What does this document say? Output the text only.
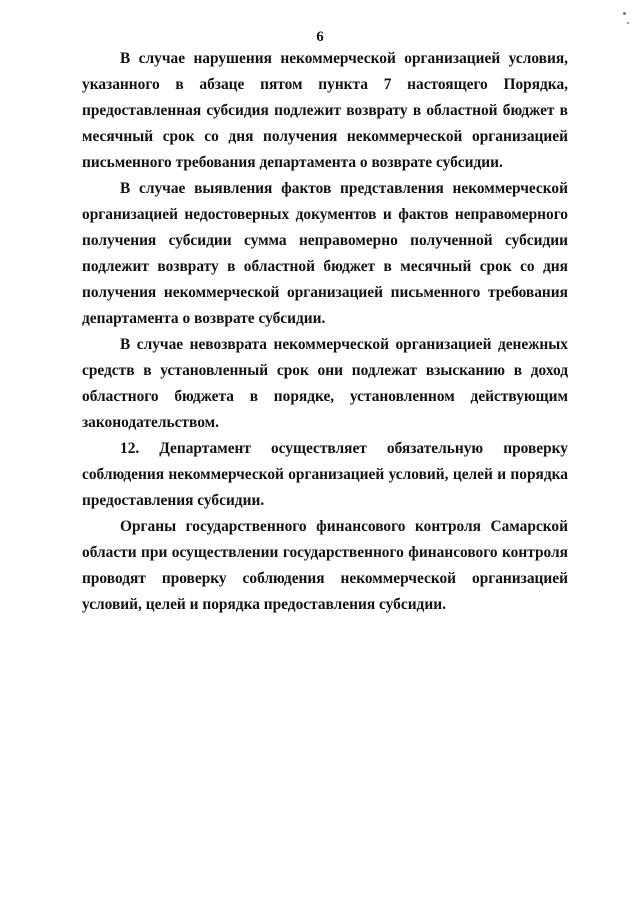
6

В случае нарушения некоммерческой организацией условия, указанного в абзаце пятом пункта 7 настоящего Порядка, предоставленная субсидия подлежит возврату в областной бюджет в месячный срок со дня получения некоммерческой организацией письменного требования департамента о возврате субсидии.

В случае выявления фактов представления некоммерческой организацией недостоверных документов и фактов неправомерного получения субсидии сумма неправомерно полученной субсидии подлежит возврату в областной бюджет в месячный срок со дня получения некоммерческой организацией письменного требования департамента о возврате субсидии.

В случае невозврата некоммерческой организацией денежных средств в установленный срок они подлежат взысканию в доход областного бюджета в порядке, установленном действующим законодательством.

12. Департамент осуществляет обязательную проверку соблюдения некоммерческой организацией условий, целей и порядка предоставления субсидии.

Органы государственного финансового контроля Самарской области при осуществлении государственного финансового контроля проводят проверку соблюдения некоммерческой организацией условий, целей и порядка предоставления субсидии.
